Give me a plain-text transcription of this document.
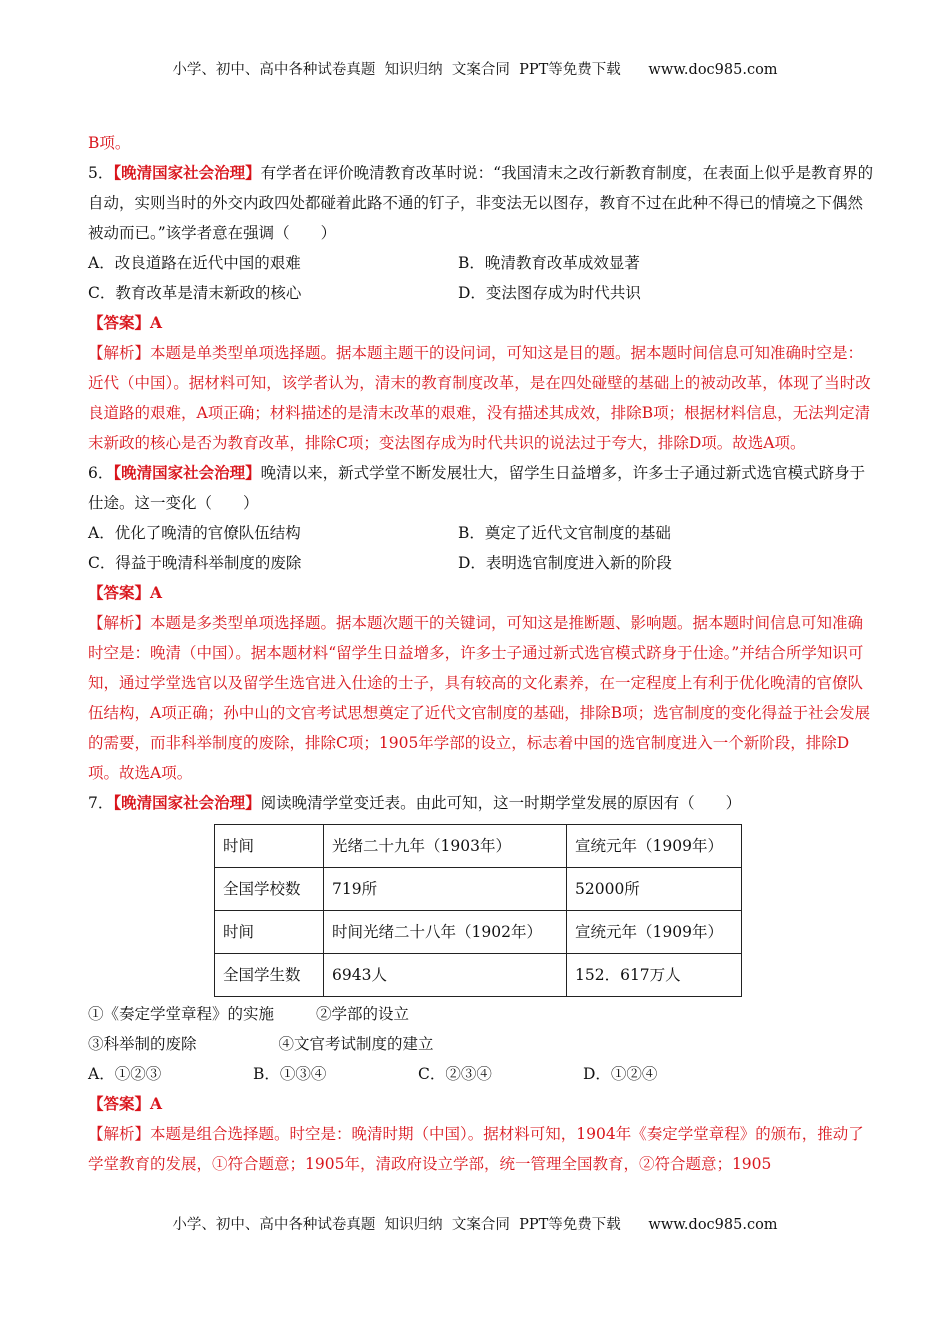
小学、初中、高中各种试卷真题  知识归纳  文案合同  PPT等免费下载      www.doc985.com

B项。

5．【晚清国家社会治理】有学者在评价晚清教育改革时说：“我国清末之改行新教育制度，在表面上似乎是教育界的自动，实则当时的外交内政四处都碰着此路不通的钉子，非变法无以图存，教育不过在此种不得已的情境之下偶然被动而已。”该学者意在强调（　　）

A．改良道路在近代中国的艰难	B．晚清教育改革成效显著
C．教育改革是清末新政的核心	D．变法图存成为时代共识

【答案】A

【解析】本题是单类型单项选择题。据本题主题干的设问词，可知这是目的题。据本题时间信息可知准确时空是：近代（中国）。据材料可知，该学者认为，清末的教育制度改革，是在四处碰壁的基础上的被动改革，体现了当时改良道路的艰难，A项正确；材料描述的是清末改革的艰难，没有描述其成效，排除B项；根据材料信息，无法判定清末新政的核心是否为教育改革，排除C项；变法图存成为时代共识的说法过于夸大，排除D项。故选A项。

6．【晚清国家社会治理】晚清以来，新式学堂不断发展壮大，留学生日益增多，许多士子通过新式选官模式跻身于仕途。这一变化（　　）

A．优化了晚清的官僚队伍结构	B．奠定了近代文官制度的基础
C．得益于晚清科举制度的废除	D．表明选官制度进入新的阶段

【答案】A

【解析】本题是多类型单项选择题。据本题次题干的关键词，可知这是推断题、影响题。据本题时间信息可知准确时空是：晚清（中国）。据本题材料“留学生日益增多，许多士子通过新式选官模式跻身于仕途。”并结合所学知识可知，通过学堂选官以及留学生选官进入仕途的士子，具有较高的文化素养，在一定程度上有利于优化晚清的官僚队伍结构，A项正确；孙中山的文官考试思想奠定了近代文官制度的基础，排除B项；选官制度的变化得益于社会发展的需要，而非科举制度的废除，排除C项；1905年学部的设立，标志着中国的选官制度进入一个新阶段，排除D项。故选A项。

7．【晚清国家社会治理】阅读晚清学堂变迁表。由此可知，这一时期学堂发展的原因有（　　）

时间	光绪二十九年（1903年）	宣统元年（1909年）
全国学校数	719所	52000所
时间	时间光绪二十八年（1902年）	宣统元年（1909年）
全国学生数	6943人	152．617万人
①《奏定学堂章程》的实施	②学部的设立
③科举制的废除	④文官考试制度的建立
A．①②③	B．①③④	C．②③④	D．①②④

【答案】A

【解析】本题是组合选择题。时空是：晚清时期（中国）。据材料可知，1904年《奏定学堂章程》的颁布，推动了学堂教育的发展，①符合题意；1905年，清政府设立学部，统一管理全国教育，②符合题意；1905

小学、初中、高中各种试卷真题  知识归纳  文案合同  PPT等免费下载      www.doc985.com
